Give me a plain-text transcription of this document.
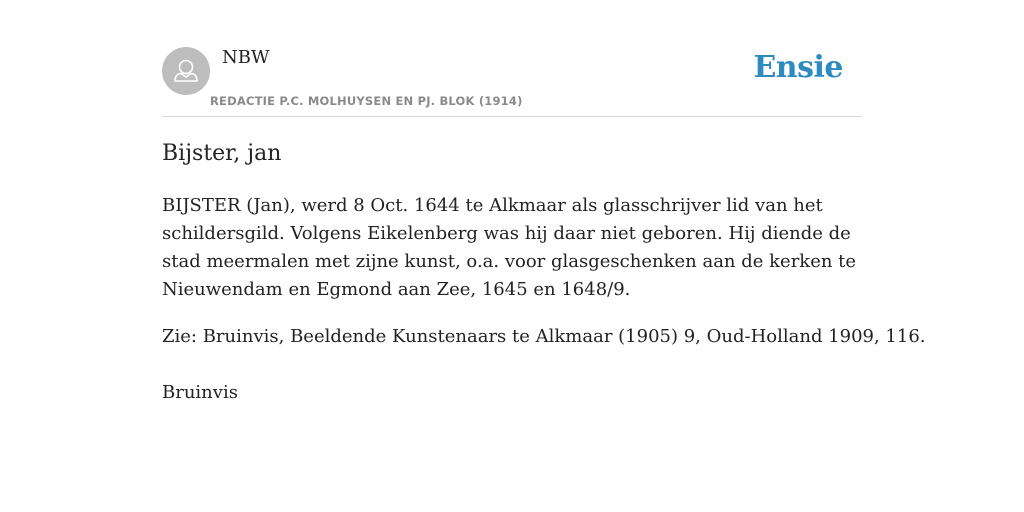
NBW
REDACTIE P.C. MOLHUYSEN EN PJ. BLOK (1914)
Ensie
Bijster, jan

BIJSTER (Jan), werd 8 Oct. 1644 te Alkmaar als glasschrijver lid van het schildersgild. Volgens Eikelenberg was hij daar niet geboren. Hij diende de stad meermalen met zijne kunst, o.a. voor glasgeschenken aan de kerken te Nieuwendam en Egmond aan Zee, 1645 en 1648/9.

Zie: Bruinvis, Beeldende Kunstenaars te Alkmaar (1905) 9, Oud-Holland 1909, 116.

Bruinvis
